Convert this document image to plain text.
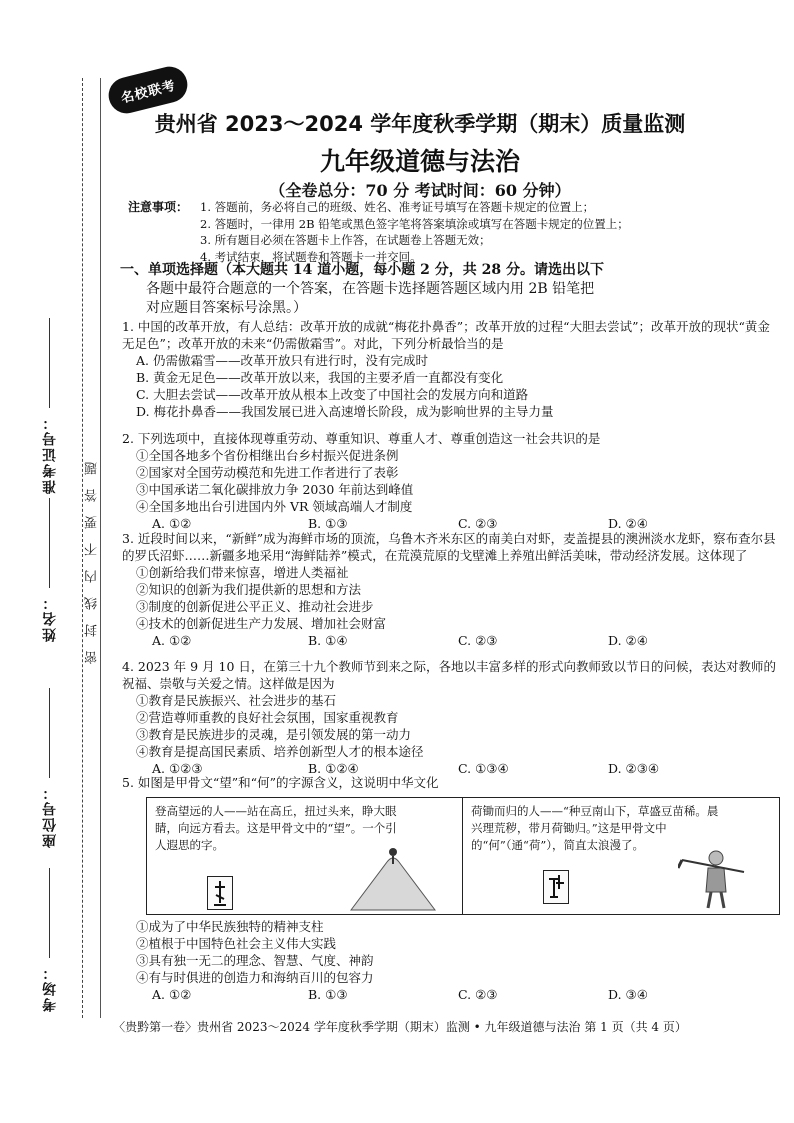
准考证号：
姓名：
座位号：
考场：
密封线内不要答题
名校联考
贵州省 2023～2024 学年度秋季学期（期末）质量监测
九年级道德与法治
（全卷总分：70 分 考试时间：60 分钟）
注意事项： 1. 答题前，务必将自己的班级、姓名、准考证号填写在答题卡规定的位置上；
2. 答题时，一律用 2B 铅笔或黑色签字笔将答案填涂或填写在答题卡规定的位置上；
3. 所有题目必须在答题卡上作答，在试题卷上答题无效；
4. 考试结束，将试题卷和答题卡一并交回。
一、单项选择题（本大题共 14 道小题，每小题 2 分，共 28 分。请选出以下
各题中最符合题意的一个答案，在答题卡选择题答题区域内用 2B 铅笔把
对应题目答案标号涂黑。）
1. 中国的改革开放，有人总结：改革开放的成就“梅花扑鼻香”；改革开放的过程“大胆去尝试”；改革开放的现状“黄金无足色”；改革开放的未来“仍需傲霜雪”。对此，下列分析最恰当的是
A. 仍需傲霜雪——改革开放只有进行时，没有完成时
B. 黄金无足色——改革开放以来，我国的主要矛盾一直都没有变化
C. 大胆去尝试——改革开放从根本上改变了中国社会的发展方向和道路
D. 梅花扑鼻香——我国发展已进入高速增长阶段，成为影响世界的主导力量
2. 下列选项中，直接体现尊重劳动、尊重知识、尊重人才、尊重创造这一社会共识的是
①全国各地多个省份相继出台乡村振兴促进条例
②国家对全国劳动模范和先进工作者进行了表彰
③中国承诺二氧化碳排放力争 2030 年前达到峰值
④全国多地出台引进国内外 VR 领域高端人才制度
A. ①②	B. ①③	C. ②③	D. ②④
3. 近段时间以来，“新鲜”成为海鲜市场的顶流，乌鲁木齐米东区的南美白对虾，麦盖提县的澳洲淡水龙虾，察布查尔县的罗氏沼虾……新疆多地采用“海鲜陆养”模式，在荒漠荒原的戈壁滩上养殖出鲜活美味，带动经济发展。这体现了
①创新给我们带来惊喜，增进人类福祉
②知识的创新为我们提供新的思想和方法
③制度的创新促进公平正义、推动社会进步
④技术的创新促进生产力发展、增加社会财富
A. ①②	B. ①④	C. ②③	D. ②④
4. 2023 年 9 月 10 日，在第三十九个教师节到来之际，各地以丰富多样的形式向教师致以节日的问候，表达对教师的祝福、崇敬与关爱之情。这样做是因为
①教育是民族振兴、社会进步的基石
②营造尊师重教的良好社会氛围，国家重视教育
③教育是民族进步的灵魂，是引领发展的第一动力
④教育是提高国民素质、培养创新型人才的根本途径
A. ①②③	B. ①②④	C. ①③④	D. ②③④
5. 如图是甲骨文“望”和“何”的字源含义，这说明中华文化
登高望远的人——站在高丘，扭过头来，睁大眼睛，向远方看去。这是甲骨文中的“望”。一个引人遐思的字。
荷锄而归的人——“种豆南山下，草盛豆苗稀。晨兴理荒秽，带月荷锄归。”这是甲骨文中的“何”（通“荷”），简直太浪漫了。
①成为了中华民族独特的精神支柱
②植根于中国特色社会主义伟大实践
③具有独一无二的理念、智慧、气度、神韵
④有与时俱进的创造力和海纳百川的包容力
A. ①②	B. ①③	C. ②③	D. ③④
〈贵黔第一卷〉贵州省 2023～2024 学年度秋季学期（期末）监测 • 九年级道德与法治 第 1 页（共 4 页）
